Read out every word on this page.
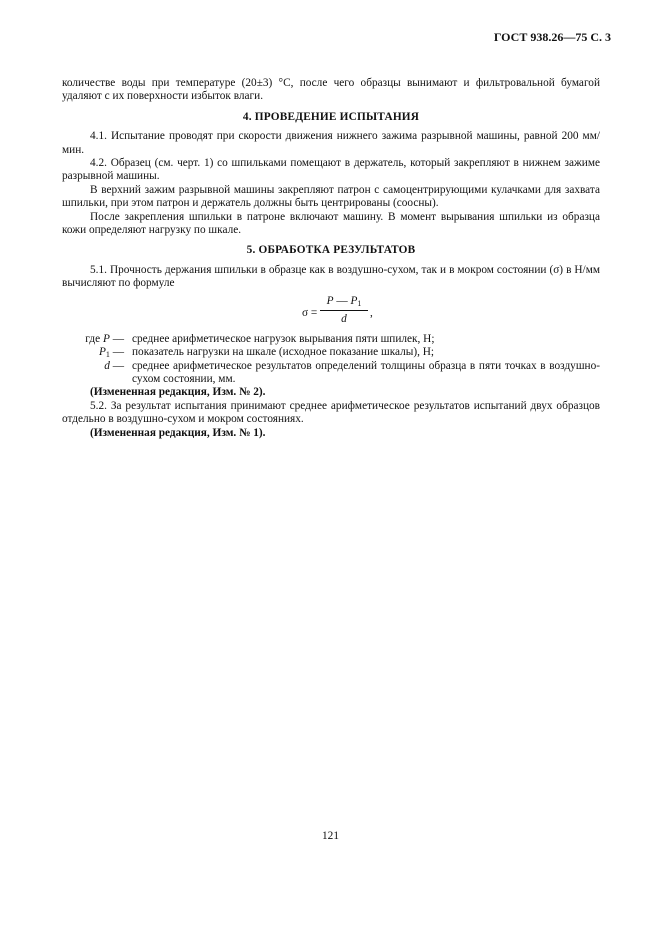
ГОСТ 938.26—75 С. 3

количестве воды при температуре (20±3) °С, после чего образцы вынимают и фильтровальной бумагой удаляют с их поверхности избыток влаги.

4. ПРОВЕДЕНИЕ ИСПЫТАНИЯ

4.1. Испытание проводят при скорости движения нижнего зажима разрывной машины, равной 200 мм/мин.

4.2. Образец (см. черт. 1) со шпильками помещают в держатель, который закрепляют в нижнем зажиме разрывной машины.

В верхний зажим разрывной машины закрепляют патрон с самоцентрирующими кулачками для захвата шпильки, при этом патрон и держатель должны быть центрированы (соосны).

После закрепления шпильки в патроне включают машину. В момент вырывания шпильки из образца кожи определяют нагрузку по шкале.

5. ОБРАБОТКА РЕЗУЛЬТАТОВ

5.1. Прочность держания шпильки в образце как в воздушно-сухом, так и в мокром состоянии (σ) в Н/мм вычисляют по формуле

σ =
P — $P_1$
d	,
где P — среднее арифметическое нагрузок вырывания пяти шпилек, Н;

$P_1$ — показатель нагрузки на шкале (исходное показание шкалы), Н;

d — среднее арифметическое результатов определений толщины образца в пяти точках в воздушно-сухом состоянии, мм.

(Измененная редакция, Изм. № 2).

5.2. За результат испытания принимают среднее арифметическое результатов испытаний двух образцов отдельно в воздушно-сухом и мокром состояниях.

(Измененная редакция, Изм. № 1).

121
